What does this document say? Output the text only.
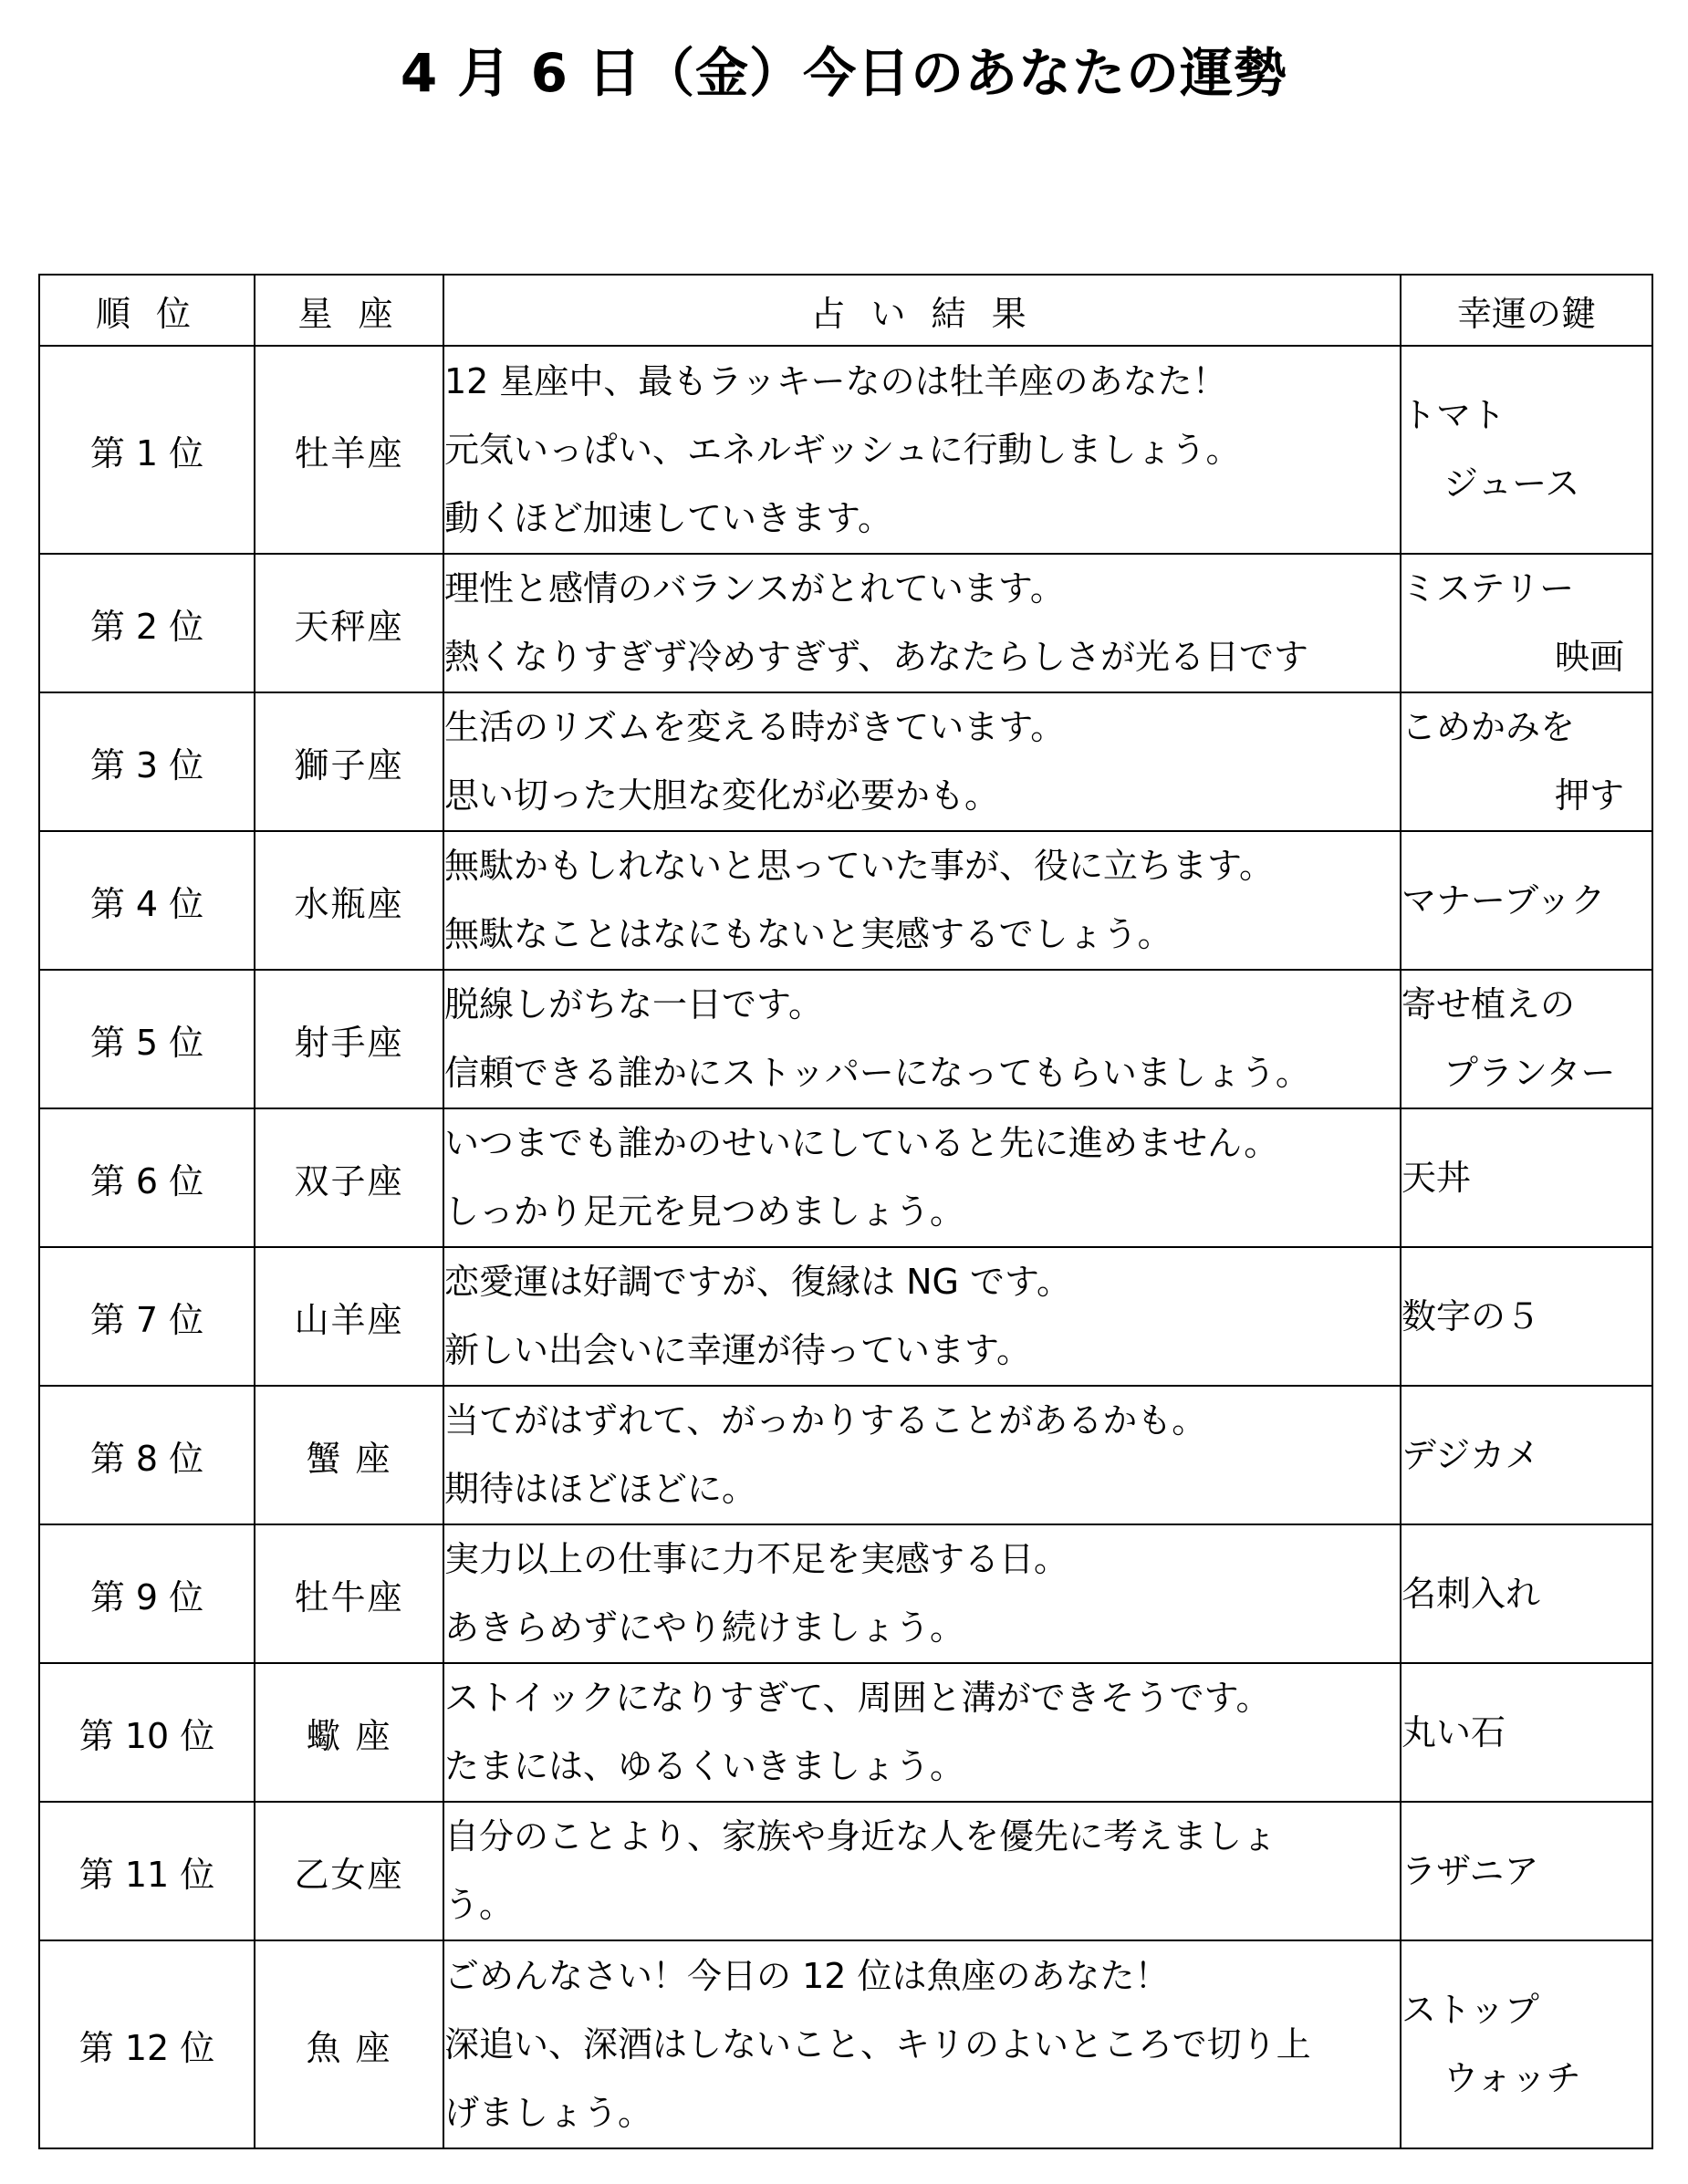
4 月 6 日（金）今日のあなたの運勢
順 位	星 座	占 い 結 果	幸運の鍵
第 1 位	牡羊座	12 星座中、最もラッキーなのは牡羊座のあなた！
元気いっぱい、エネルギッシュに行動しましょう。
動くほど加速していきます。	トマト
ジュース

第 2 位	天秤座	理性と感情のバランスがとれています。
熱くなりすぎず冷めすぎず、あなたらしさが光る日です	ミステリー
映画

第 3 位	獅子座	生活のリズムを変える時がきています。
思い切った大胆な変化が必要かも。	こめかみを
押す

第 4 位	水瓶座	無駄かもしれないと思っていた事が、役に立ちます。
無駄なことはなにもないと実感するでしょう。	マナーブック

第 5 位	射手座	脱線しがちな一日です。
信頼できる誰かにストッパーになってもらいましょう。	寄せ植えの
プランター

第 6 位	双子座	いつまでも誰かのせいにしていると先に進めません。
しっかり足元を見つめましょう。	天丼

第 7 位	山羊座	恋愛運は好調ですが、復縁は NG です。
新しい出会いに幸運が待っています。	数字の５

第 8 位	蟹 座	当てがはずれて、がっかりすることがあるかも。
期待はほどほどに。	デジカメ

第 9 位	牡牛座	実力以上の仕事に力不足を実感する日。
あきらめずにやり続けましょう。	名刺入れ

第 10 位	蠍 座	ストイックになりすぎて、周囲と溝ができそうです。
たまには、ゆるくいきましょう。	丸い石

第 11 位	乙女座	自分のことより、家族や身近な人を優先に考えましょ
う。	ラザニア

第 12 位	魚 座	ごめんなさい！今日の 12 位は魚座のあなた！
深追い、深酒はしないこと、キリのよいところで切り上
げましょう。	ストップ
ウォッチ
